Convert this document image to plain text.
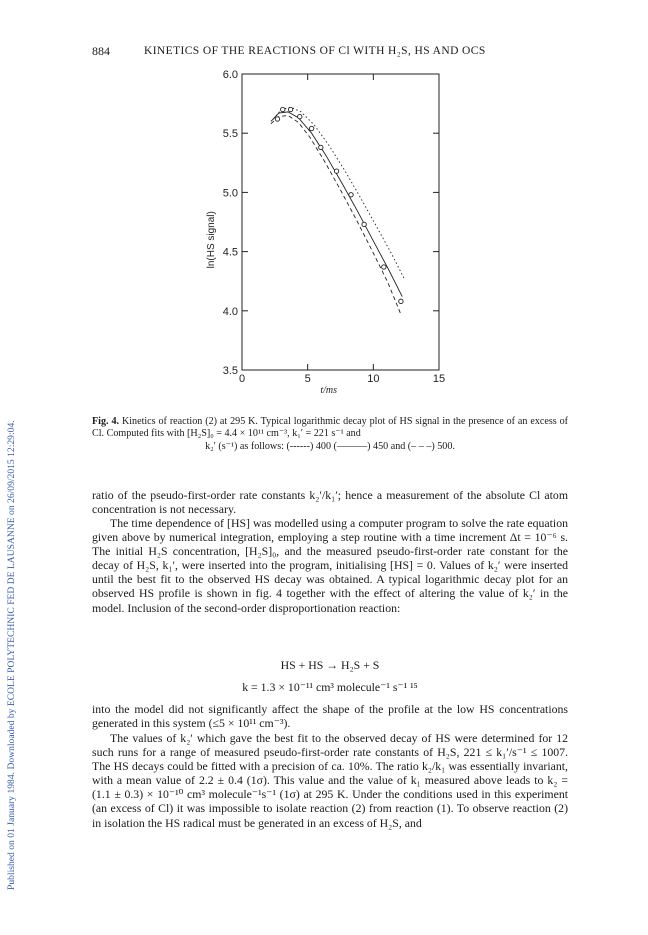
Published on 01 January 1984. Downloaded by ECOLE POLYTECHNIC FED DE LAUSANNE on 26/09/2015 12:29:04.
884	KINETICS OF THE REACTIONS OF Cl WITH H₂S, HS AND OCS
3.5
4.0
4.5
5.0
5.5
6.0
0	5	10	15
t/ms
ln(HS signal)
Fig. 4. Kinetics of reaction (2) at 295 K. Typical logarithmic decay plot of HS signal in the presence of an excess of Cl. Computed fits with [H₂S]₀ = 4.4 × 10¹¹ cm⁻³, k₁′ = 221 s⁻¹ and
k₂′ (s⁻¹) as follows: (------) 400 (———) 450 and (– – –) 500.
ratio of the pseudo-first-order rate constants k₂′/k₁′; hence a measurement of the absolute Cl atom concentration is not necessary.
The time dependence of [HS] was modelled using a computer program to solve the rate equation given above by numerical integration, employing a step routine with a time increment Δt = 10⁻⁶ s. The initial H₂S concentration, [H₂S]₀, and the measured pseudo-first-order rate constant for the decay of H₂S, k₁′, were inserted into the program, initialising [HS] = 0. Values of k₂′ were inserted until the best fit to the observed HS decay was obtained. A typical logarithmic decay plot for an observed HS profile is shown in fig. 4 together with the effect of altering the value of k₂′ in the model. Inclusion of the second-order disproportionation reaction:
HS + HS → H₂S + S
k = 1.3 × 10⁻¹¹ cm³ molecule⁻¹ s⁻¹ ¹⁵
into the model did not significantly affect the shape of the profile at the low HS concentrations generated in this system (≤5 × 10¹¹ cm⁻³).
The values of k₂′ which gave the best fit to the observed decay of HS were determined for 12 such runs for a range of measured pseudo-first-order rate constants of H₂S, 221 ≤ k₁′/s⁻¹ ≤ 1007. The HS decays could be fitted with a precision of ca. 10%. The ratio k₂/k₁ was essentially invariant, with a mean value of 2.2 ± 0.4 (1σ). This value and the value of k₁ measured above leads to k₂ = (1.1 ± 0.3) × 10⁻¹⁰ cm³ molecule⁻¹s⁻¹ (1σ) at 295 K. Under the conditions used in this experiment (an excess of Cl) it was impossible to isolate reaction (2) from reaction (1). To observe reaction (2) in isolation the HS radical must be generated in an excess of H₂S, and
